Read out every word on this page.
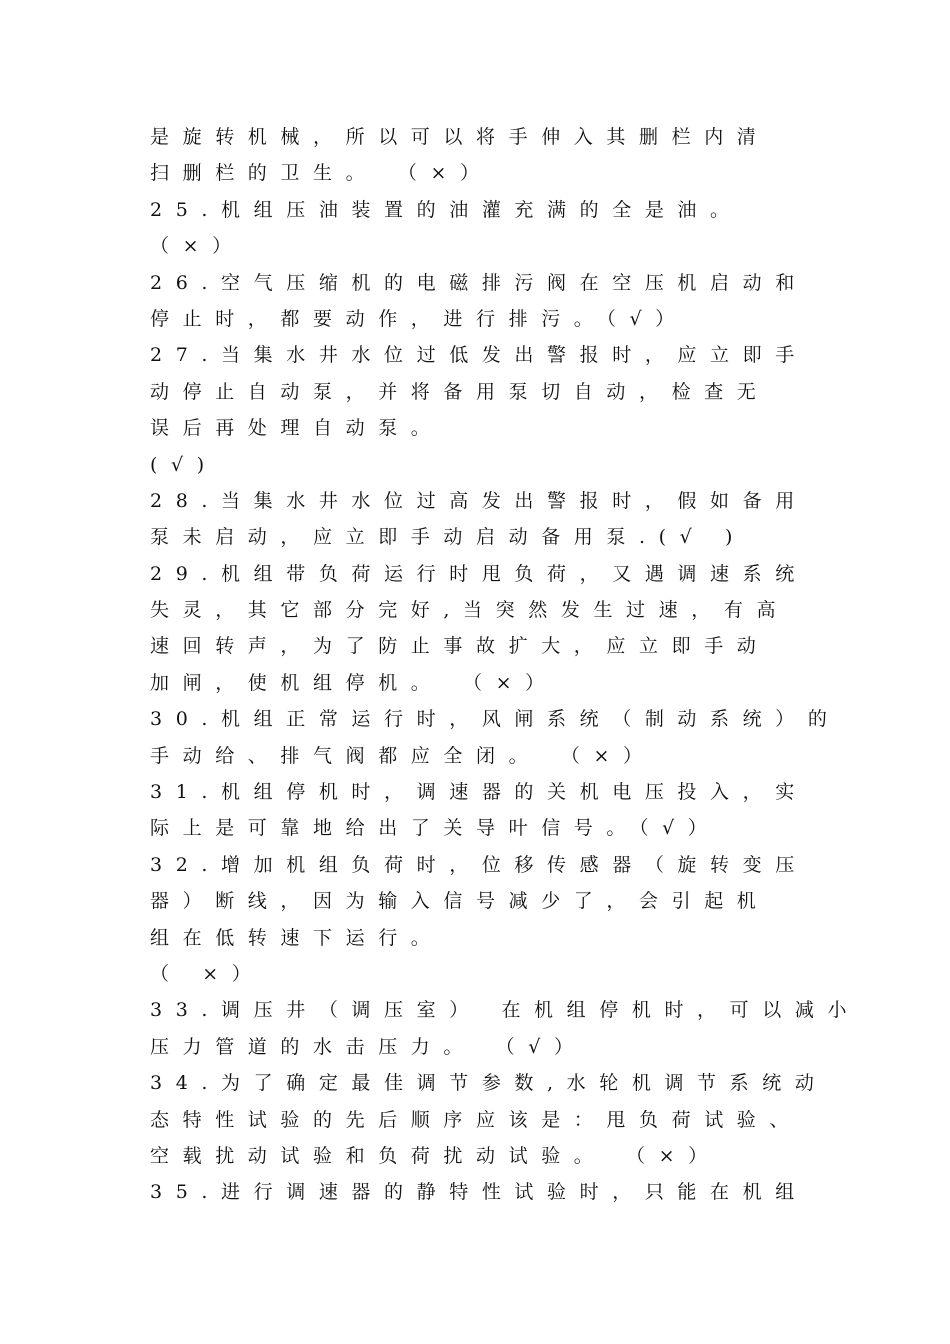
是旋转机械，所以可以将手伸入其删栏内清
扫删栏的卫生。 （×）
25.机组压油装置的油灌充满的全是油。
（×）
26.空气压缩机的电磁排污阀在空压机启动和
停止时，都要动作，进行排污。（√）
27.当集水井水位过低发出警报时，应立即手
动停止自动泵，并将备用泵切自动，检查无
误后再处理自动泵。
(√)
28.当集水井水位过高发出警报时，假如备用
泵未启动，应立即手动启动备用泵.(√ )
29.机组带负荷运行时甩负荷，又遇调速系统
失灵，其它部分完好,当突然发生过速，有高
速回转声，为了防止事故扩大，应立即手动
加闸，使机组停机。 （×）
30.机组正常运行时，风闸系统（制动系统）的
手动给、排气阀都应全闭。 （×）
31.机组停机时，调速器的关机电压投入，实
际上是可靠地给出了关导叶信号。（√）
32.增加机组负荷时，位移传感器（旋转变压
器）断线，因为输入信号减少了，会引起机
组在低转速下运行。
（ ×）
33.调压井（调压室） 在机组停机时，可以减小
压力管道的水击压力。 （√）
34.为了确定最佳调节参数,水轮机调节系统动
态特性试验的先后顺序应该是：甩负荷试验、
空载扰动试验和负荷扰动试验。 （×）
35.进行调速器的静特性试验时，只能在机组
